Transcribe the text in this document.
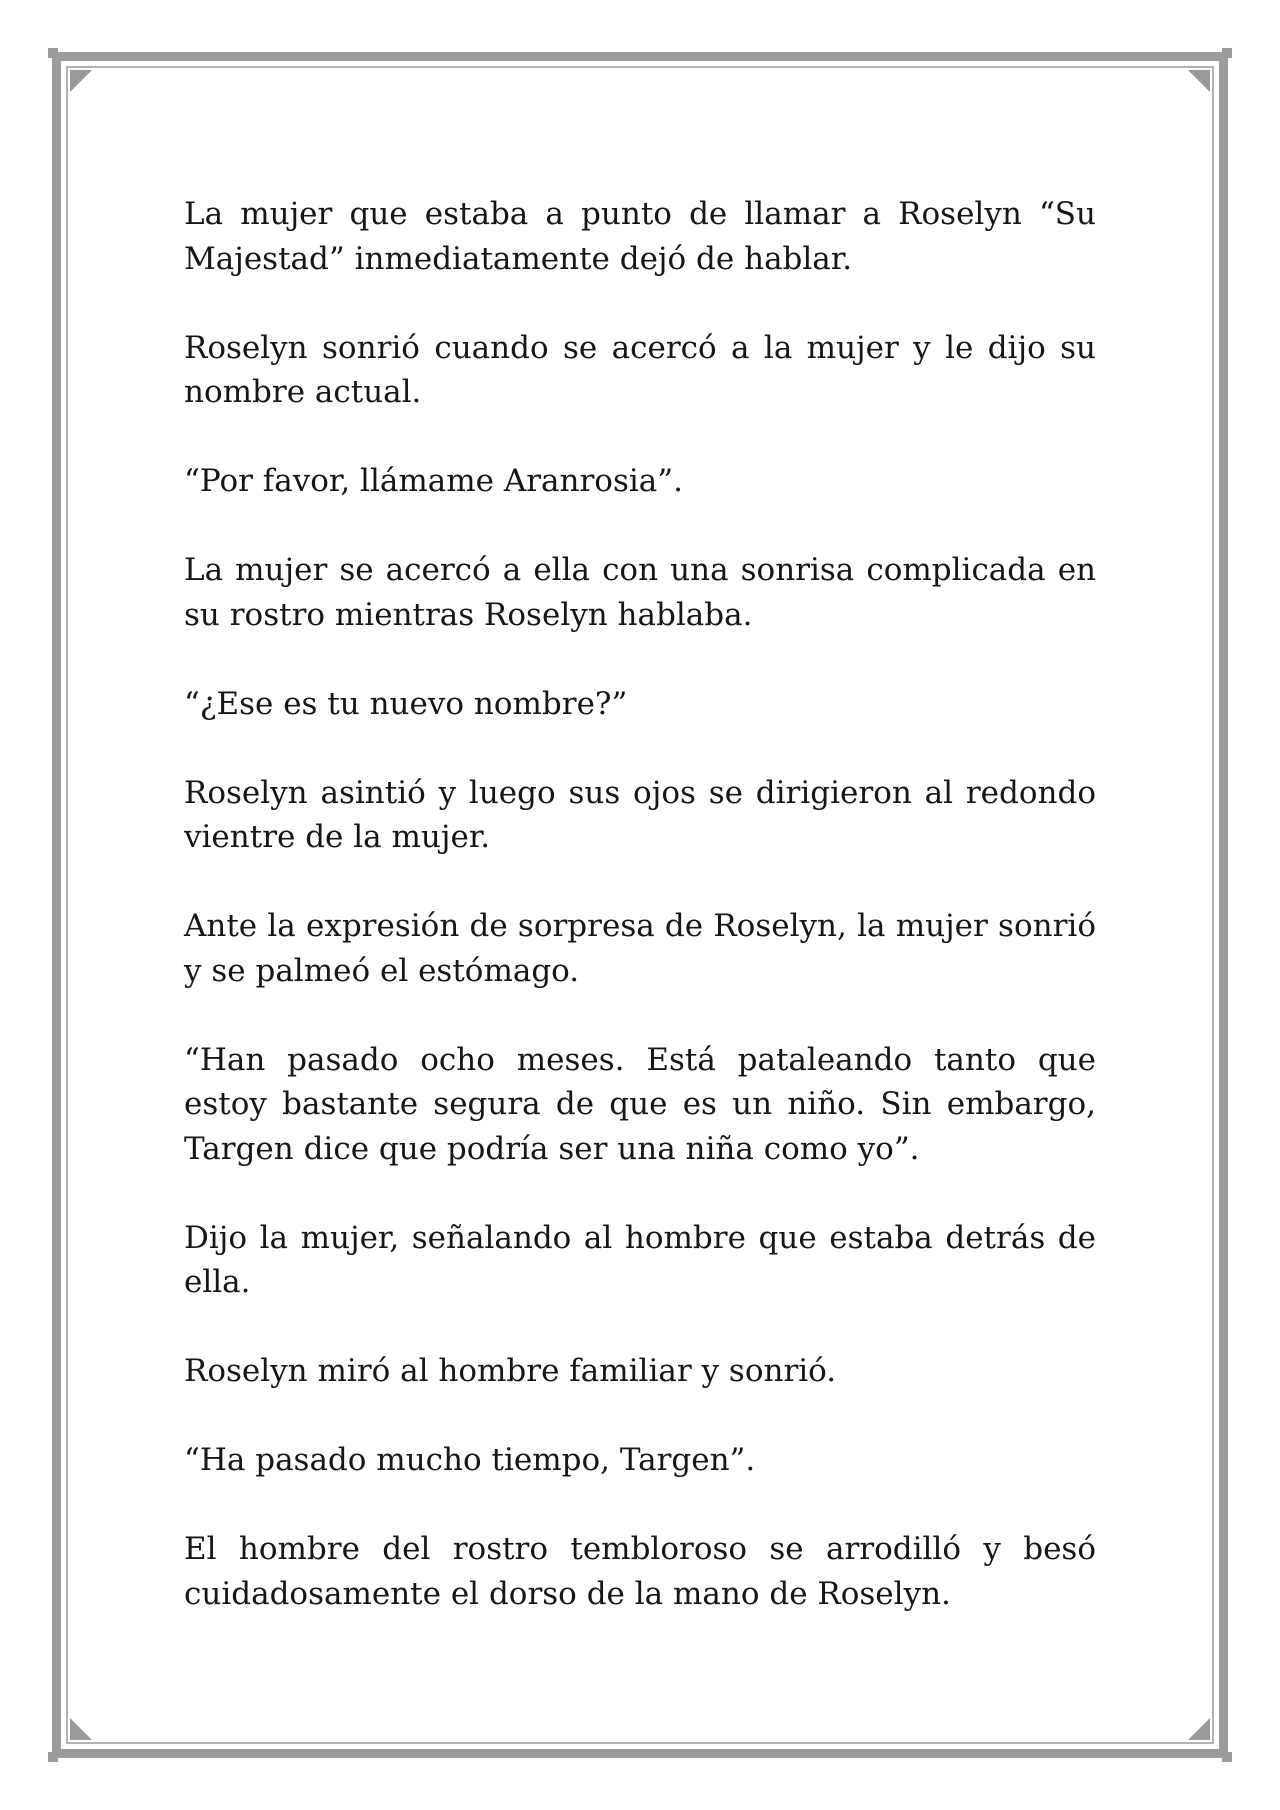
La mujer que estaba a punto de llamar a Roselyn “Su Majestad” inmediatamente dejó de hablar.

Roselyn sonrió cuando se acercó a la mujer y le dijo su nombre actual.

“Por favor, llámame Aranrosia”.

La mujer se acercó a ella con una sonrisa complicada en su rostro mientras Roselyn hablaba.

“¿Ese es tu nuevo nombre?”

Roselyn asintió y luego sus ojos se dirigieron al redondo vientre de la mujer.

Ante la expresión de sorpresa de Roselyn, la mujer sonrió y se palmeó el estómago.

“Han pasado ocho meses. Está pataleando tanto que estoy bastante segura de que es un niño. Sin embargo, Targen dice que podría ser una niña como yo”.

Dijo la mujer, señalando al hombre que estaba detrás de ella.

Roselyn miró al hombre familiar y sonrió.

“Ha pasado mucho tiempo, Targen”.

El hombre del rostro tembloroso se arrodilló y besó cuidadosamente el dorso de la mano de Roselyn.
